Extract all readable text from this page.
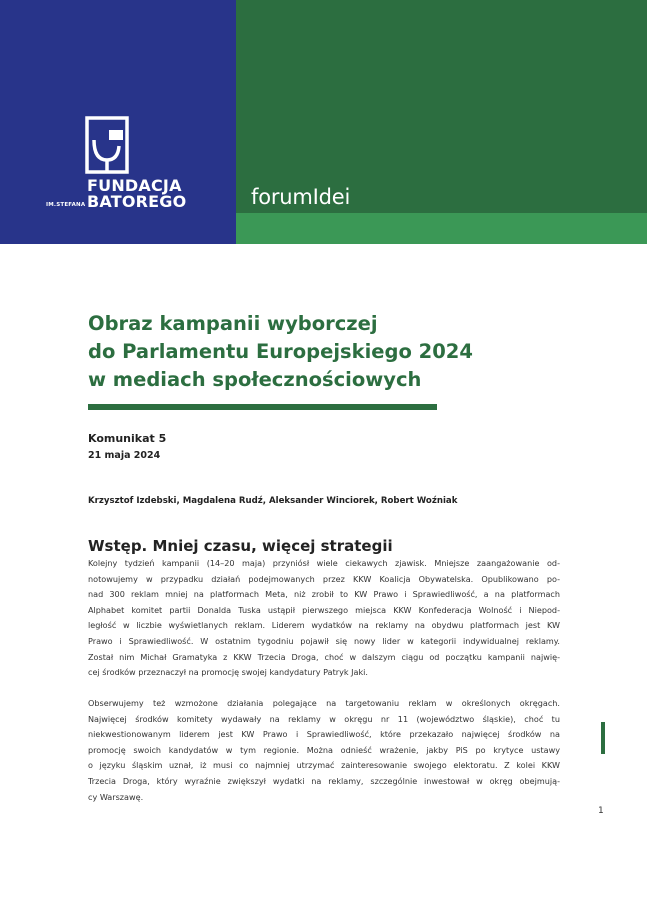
IM.STEFANA
FUNDACJA
BATOREGO	forumIdei
Obraz kampanii wyborczej
do Parlamentu Europejskiego 2024
w mediach społecznościowych
Komunikat 5
21 maja 2024
Krzysztof Izdebski, Magdalena Rudź, Aleksander Winciorek, Robert Woźniak
Wstęp. Mniej czasu, więcej strategii

Kolejny tydzień kampanii (14–20 maja) przyniósł wiele ciekawych zjawisk. Mniejsze zaangażowanie od-
notowujemy w przypadku działań podejmowanych przez KKW Koalicja Obywatelska. Opublikowano po-
nad 300 reklam mniej na platformach Meta, niż zrobił to KW Prawo i Sprawiedliwość, a na platformach
Alphabet komitet partii Donalda Tuska ustąpił pierwszego miejsca KKW Konfederacja Wolność i Niepod-
ległość w liczbie wyświetlanych reklam. Liderem wydatków na reklamy na obydwu platformach jest KW
Prawo i Sprawiedliwość. W ostatnim tygodniu pojawił się nowy lider w kategorii indywidualnej reklamy.
Został nim Michał Gramatyka z KKW Trzecia Droga, choć w dalszym ciągu od początku kampanii najwię-
cej środków przeznaczył na promocję swojej kandydatury Patryk Jaki.

Obserwujemy też wzmożone działania polegające na targetowaniu reklam w określonych okręgach.
Najwięcej środków komitety wydawały na reklamy w okręgu nr 11 (województwo śląskie), choć tu
niekwestionowanym liderem jest KW Prawo i Sprawiedliwość, które przekazało najwięcej środków na
promocję swoich kandydatów w tym regionie. Można odnieść wrażenie, jakby PiS po krytyce ustawy
o języku śląskim uznał, iż musi co najmniej utrzymać zainteresowanie swojego elektoratu. Z kolei KKW
Trzecia Droga, który wyraźnie zwiększył wydatki na reklamy, szczególnie inwestował w okręg obejmują-
cy Warszawę.

1
